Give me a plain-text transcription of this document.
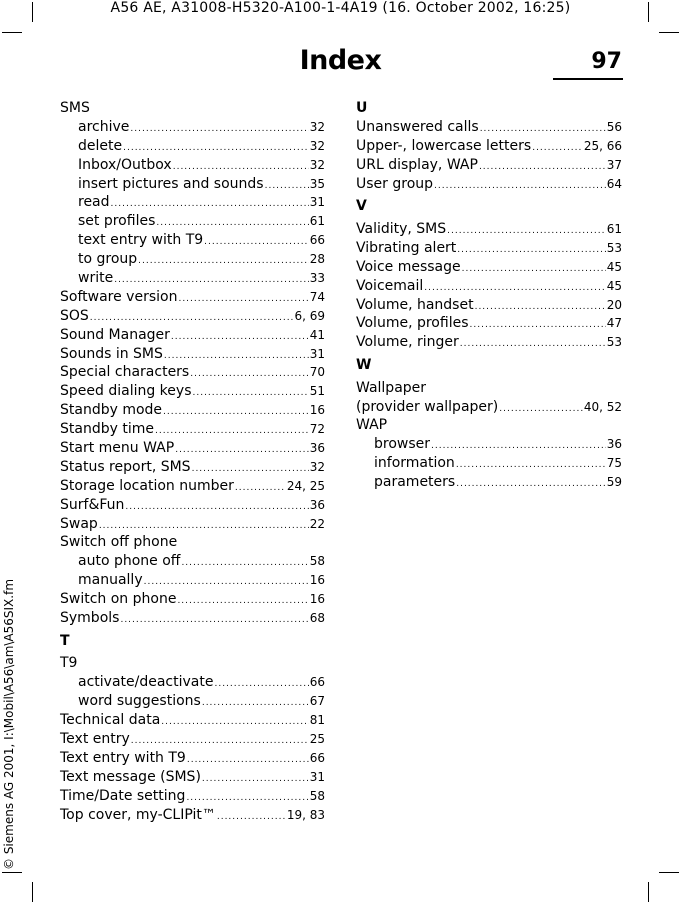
A56 AE, A31008-H5320-A100-1-4A19 (16. October 2002, 16:25)
Index	97
© Siemens AG 2001, I:\Mobil\A56\am\A56SIX.fm
SMS
archive .....	32
delete .....	32
Inbox/Outbox .....	32
insert pictures and sounds .....	35
read .....	31
set profiles .....	61
text entry with T9 .....	66
to group .....	28
write .....	33
Software version .....	74
SOS .....	6, 69
Sound Manager .....	41
Sounds in SMS .....	31
Special characters .....	70
Speed dialing keys .....	51
Standby mode .....	16
Standby time .....	72
Start menu WAP .....	36
Status report, SMS .....	32
Storage location number .....	24, 25
Surf&Fun .....	36
Swap .....	22
Switch off phone
auto phone off .....	58
manually .....	16
Switch on phone .....	16
Symbols .....	68
T
T9
activate/deactivate .....	66
word suggestions .....	67
Technical data .....	81
Text entry .....	25
Text entry with T9 .....	66
Text message (SMS) .....	31
Time/Date setting .....	58
Top cover, my-CLIPit™ .....	19, 83
U
Unanswered calls .....	56
Upper-, lowercase letters .....	25, 66
URL display, WAP .....	37
User group .....	64
V
Validity, SMS .....	61
Vibrating alert .....	53
Voice message .....	45
Voicemail .....	45
Volume, handset .....	20
Volume, profiles .....	47
Volume, ringer .....	53
W
Wallpaper
(provider wallpaper) .....	40, 52
WAP
browser .....	36
information .....	75
parameters .....	59
